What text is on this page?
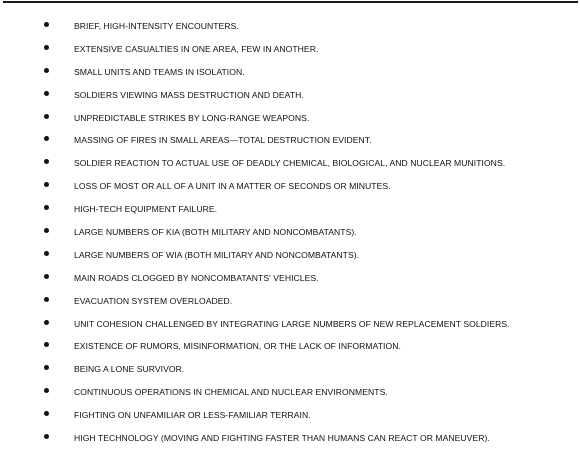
BRIEF, HIGH-INTENSITY ENCOUNTERS.
EXTENSIVE CASUALTIES IN ONE AREA, FEW IN ANOTHER.
SMALL UNITS AND TEAMS IN ISOLATION.
SOLDIERS VIEWING MASS DESTRUCTION AND DEATH.
UNPREDICTABLE STRIKES BY LONG-RANGE WEAPONS.
MASSING OF FIRES IN SMALL AREAS—TOTAL DESTRUCTION EVIDENT.
SOLDIER REACTION TO ACTUAL USE OF DEADLY CHEMICAL, BIOLOGICAL, AND NUCLEAR MUNITIONS.
LOSS OF MOST OR ALL OF A UNIT IN A MATTER OF SECONDS OR MINUTES.
HIGH-TECH EQUIPMENT FAILURE.
LARGE NUMBERS OF KIA (BOTH MILITARY AND NONCOMBATANTS).
LARGE NUMBERS OF WIA (BOTH MILITARY AND NONCOMBATANTS).
MAIN ROADS CLOGGED BY NONCOMBATANTS' VEHICLES.
EVACUATION SYSTEM OVERLOADED.
UNIT COHESION CHALLENGED BY INTEGRATING LARGE NUMBERS OF NEW REPLACEMENT SOLDIERS.
EXISTENCE OF RUMORS, MISINFORMATION, OR THE LACK OF INFORMATION.
BEING A LONE SURVIVOR.
CONTINUOUS OPERATIONS IN CHEMICAL AND NUCLEAR ENVIRONMENTS.
FIGHTING ON UNFAMILIAR OR LESS-FAMILIAR TERRAIN.
HIGH TECHNOLOGY (MOVING AND FIGHTING FASTER THAN HUMANS CAN REACT OR MANEUVER).
